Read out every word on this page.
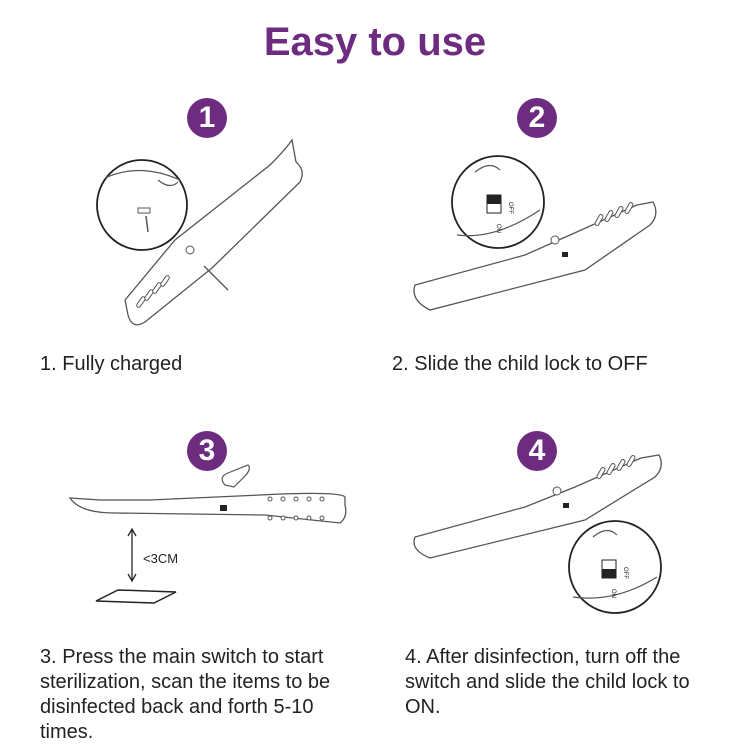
Easy to use
1
1. Fully charged
2
ON
OFF
2. Slide the child lock to OFF
3
<3CM
3. Press the main switch to start sterilization, scan the items to be disinfected back and forth 5-10 times.
4
ON
OFF
4. After disinfection, turn off the switch and slide the child lock to ON.
